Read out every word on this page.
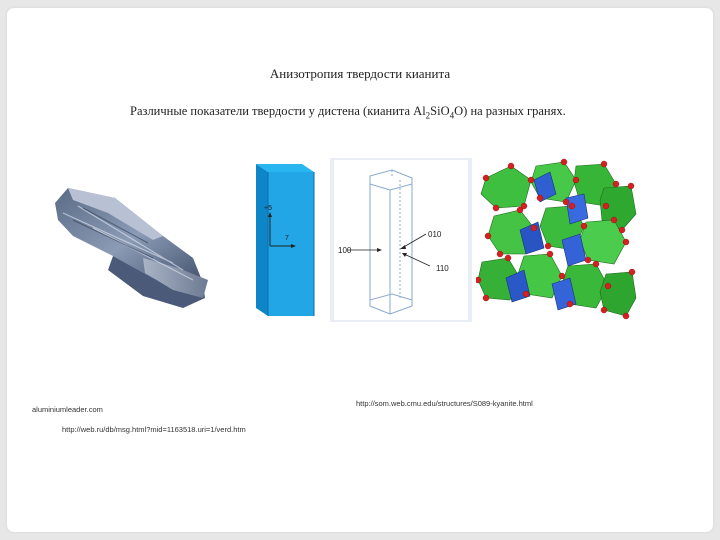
Анизотропия твердости кианита
Различные показатели твердости у дистена (кианита $Al_2SiO_4O$) на разных гранях.
+5
7
100
010
110
aluminiumleader.com
http://web.ru/db/msg.html?mid=1163518.uri=1/verd.htm
http://som.web.cmu.edu/structures/S089-kyanite.html
